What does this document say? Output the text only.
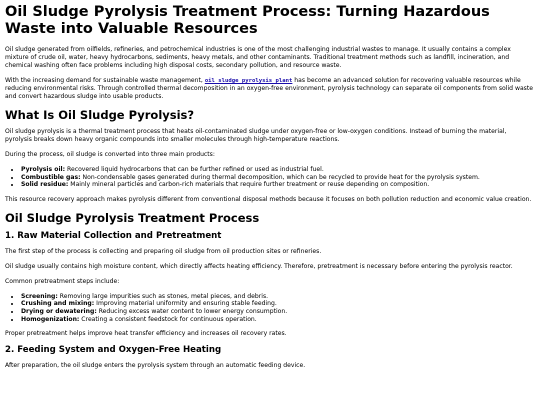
Oil Sludge Pyrolysis Treatment Process: Turning Hazardous Waste into Valuable Resources

Oil sludge generated from oilfields, refineries, and petrochemical industries is one of the most challenging industrial wastes to manage. It usually contains a complex mixture of crude oil, water, heavy hydrocarbons, sediments, heavy metals, and other contaminants. Traditional treatment methods such as landfill, incineration, and chemical washing often face problems including high disposal costs, secondary pollution, and resource waste.

With the increasing demand for sustainable waste management, oil sludge pyrolysis plant has become an advanced solution for recovering valuable resources while reducing environmental risks. Through controlled thermal decomposition in an oxygen-free environment, pyrolysis technology can separate oil components from solid waste and convert hazardous sludge into usable products.

What Is Oil Sludge Pyrolysis?

Oil sludge pyrolysis is a thermal treatment process that heats oil-contaminated sludge under oxygen-free or low-oxygen conditions. Instead of burning the material, pyrolysis breaks down heavy organic compounds into smaller molecules through high-temperature reactions.

During the process, oil sludge is converted into three main products:

• Pyrolysis oil: Recovered liquid hydrocarbons that can be further refined or used as industrial fuel.
• Combustible gas: Non-condensable gases generated during thermal decomposition, which can be recycled to provide heat for the pyrolysis system.
• Solid residue: Mainly mineral particles and carbon-rich materials that require further treatment or reuse depending on composition.

This resource recovery approach makes pyrolysis different from conventional disposal methods because it focuses on both pollution reduction and economic value creation.

Oil Sludge Pyrolysis Treatment Process
1. Raw Material Collection and Pretreatment

The first step of the process is collecting and preparing oil sludge from oil production sites or refineries.

Oil sludge usually contains high moisture content, which directly affects heating efficiency. Therefore, pretreatment is necessary before entering the pyrolysis reactor.

Common pretreatment steps include:

• Screening: Removing large impurities such as stones, metal pieces, and debris.
• Crushing and mixing: Improving material uniformity and ensuring stable feeding.
• Drying or dewatering: Reducing excess water content to lower energy consumption.
• Homogenization: Creating a consistent feedstock for continuous operation.

Proper pretreatment helps improve heat transfer efficiency and increases oil recovery rates.

2. Feeding System and Oxygen-Free Heating

After preparation, the oil sludge enters the pyrolysis system through an automatic feeding device.
